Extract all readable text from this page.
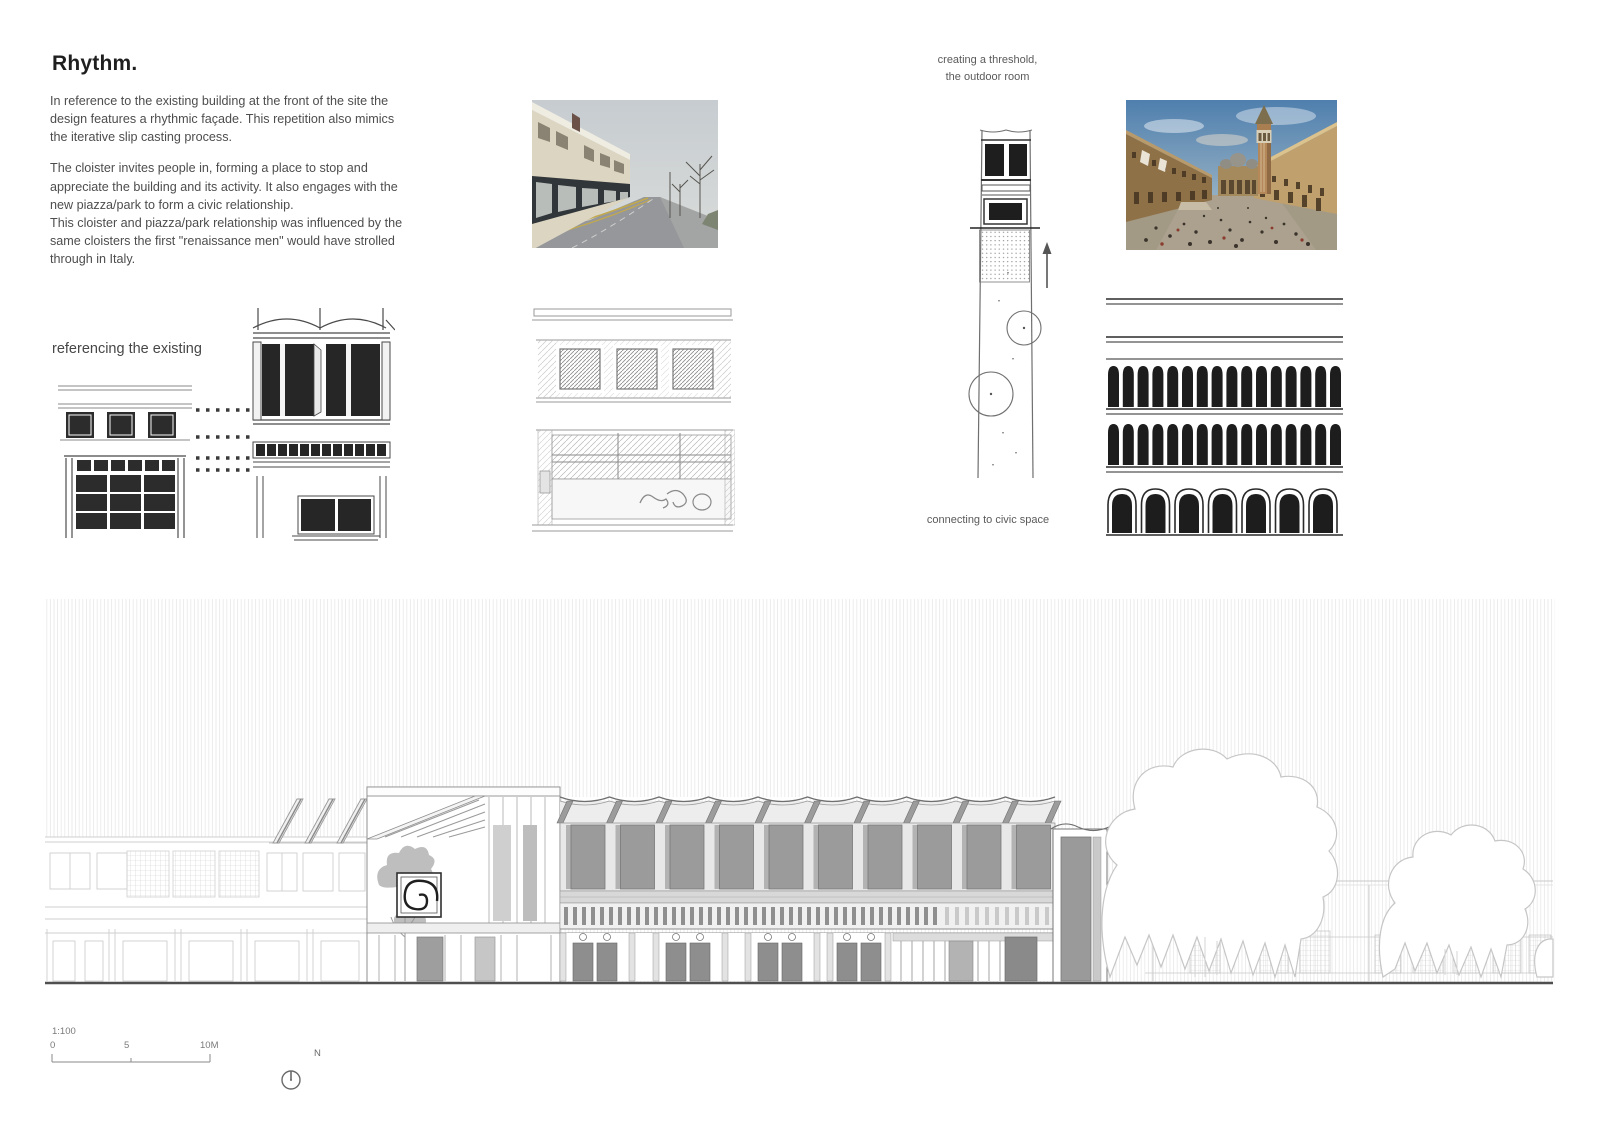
Rhythm.
In reference to the existing building at the front of the site the design features a rhythmic façade. This repetition also mimics the iterative slip casting process.
The cloister invites people in, forming a place to stop and appreciate the building and its activity. It also engages with the new piazza/park to form a civic relationship.
This cloister and piazza/park relationship was influenced by the same cloisters the first "renaissance men" would have strolled through in Italy.
creating a threshold,
the outdoor room
connecting to civic space
referencing the existing
1:100
0	5	10M
N
